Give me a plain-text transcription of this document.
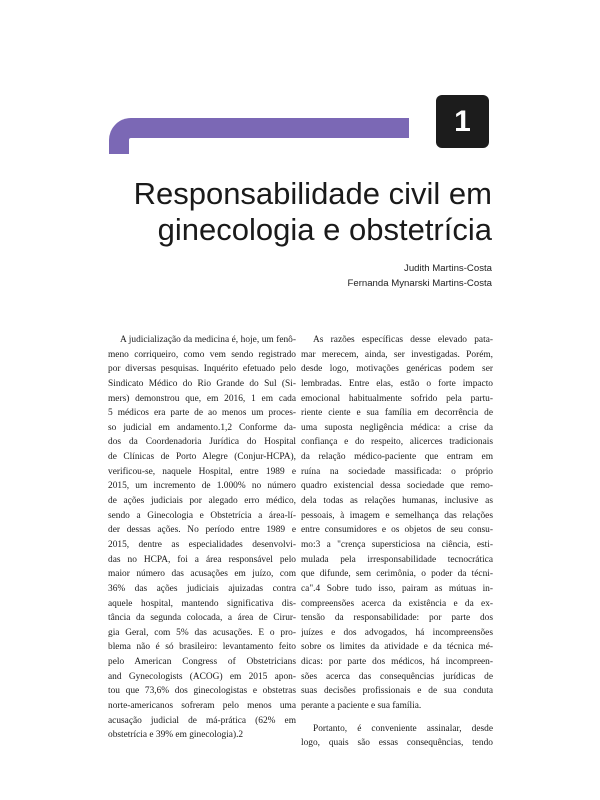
1
Responsabilidade civil em
ginecologia e obstetrícia
Judith Martins-Costa
Fernanda Mynarski Martins-Costa
A judicialização da medicina é, hoje, um fenô-
meno corriqueiro, como vem sendo registrado
por diversas pesquisas. Inquérito efetuado pelo
Sindicato Médico do Rio Grande do Sul (Si-
mers) demonstrou que, em 2016, 1 em cada
5 médicos era parte de ao menos um proces-
so judicial em andamento.1,2 Conforme da-
dos da Coordenadoria Jurídica do Hospital
de Clínicas de Porto Alegre (Conjur-HCPA),
verificou-se, naquele Hospital, entre 1989 e
2015, um incremento de 1.000% no número
de ações judiciais por alegado erro médico,
sendo a Ginecologia e Obstetrícia a área-lí-
der dessas ações. No período entre 1989 e
2015, dentre as especialidades desenvolvi-
das no HCPA, foi a área responsável pelo
maior número das acusações em juízo, com
36% das ações judiciais ajuizadas contra
aquele hospital, mantendo significativa dis-
tância da segunda colocada, a área de Cirur-
gia Geral, com 5% das acusações. E o pro-
blema não é só brasileiro: levantamento feito
pelo American Congress of Obstetricians
and Gynecologists (ACOG) em 2015 apon-
tou que 73,6% dos ginecologistas e obstetras
norte-americanos sofreram pelo menos uma
acusação judicial de má-prática (62% em
obstetrícia e 39% em ginecologia).2
As razões específicas desse elevado pata-
mar merecem, ainda, ser investigadas. Porém,
desde logo, motivações genéricas podem ser
lembradas. Entre elas, estão o forte impacto
emocional habitualmente sofrido pela partu-
riente ciente e sua família em decorrência de
uma suposta negligência médica: a crise da
confiança e do respeito, alicerces tradicionais
da relação médico-paciente que entram em
ruína na sociedade massificada: o próprio
quadro existencial dessa sociedade que remo-
dela todas as relações humanas, inclusive as
pessoais, à imagem e semelhança das relações
entre consumidores e os objetos de seu consu-
mo:3 a "crença supersticiosa na ciência, esti-
mulada pela irresponsabilidade tecnocrática
que difunde, sem cerimônia, o poder da técni-
ca".4 Sobre tudo isso, pairam as mútuas in-
compreensões acerca da existência e da ex-
tensão da responsabilidade: por parte dos
juízes e dos advogados, há incompreensões
sobre os limites da atividade e da técnica mé-
dicas: por parte dos médicos, há incompreen-
sões acerca das consequências jurídicas de
suas decisões profissionais e de sua conduta
perante a paciente e sua família.
Portanto, é conveniente assinalar, desde
logo, quais são essas consequências, tendo
